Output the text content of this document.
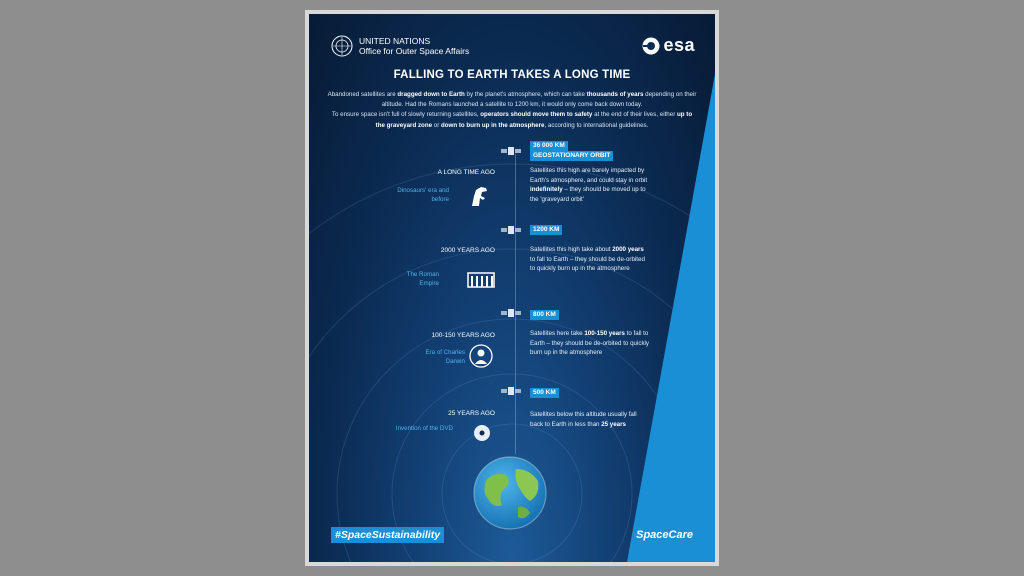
UNITED NATIONS
Office for Outer Space Affairs	esa
FALLING TO EARTH TAKES A LONG TIME
Abandoned satellites are dragged down to Earth by the planet's atmosphere, which can take thousands of years depending on their altitude. Had the Romans launched a satellite to 1200 km, it would only come back down today.
To ensure space isn't full of slowly returning satellites, operators should move them to safety at the end of their lives, either up to the graveyard zone or down to burn up in the atmosphere, according to international guidelines.
36 000 KM
GEOSTATIONARY ORBIT
A LONG TIME AGO
Dinosaurs' era and before
Satellites this high are barely impacted by Earth's atmosphere, and could stay in orbit indefinitely – they should be moved up to the 'graveyard orbit'
1200 KM
2000 YEARS AGO
The Roman Empire
Satellites this high take about 2000 years to fall to Earth – they should be de-orbited to quickly burn up in the atmosphere
800 KM
100-150 YEARS AGO
Era of Charles Darwin
Satellites here take 100-150 years to fall to Earth – they should be de-orbited to quickly burn up in the atmosphere
500 KM
25 YEARS AGO
Invention of the DVD
Satellites below this altitude usually fall back to Earth in less than 25 years
#SpaceSustainability	SpaceCare
